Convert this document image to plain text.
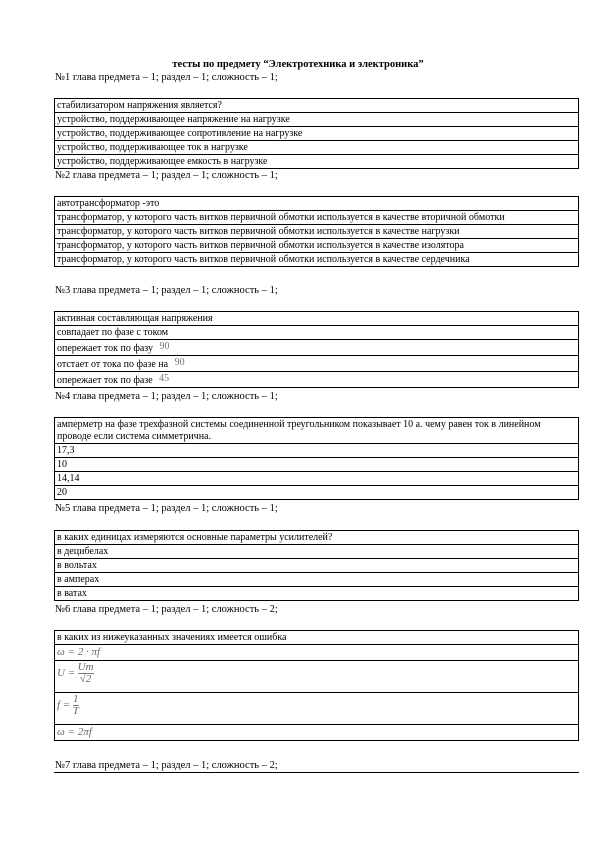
тесты по предмету “Электротехника и электроника”
№1 глава предмета – 1; раздел – 1; сложность – 1;
стабилизатором напряжения является?
устройство, поддерживающее напряжение на нагрузке
устройство, поддерживающее сопротивление на нагрузке
устройство, поддерживающее ток в нагрузке
устройство, поддерживающее емкость в нагрузке
№2 глава предмета – 1; раздел – 1; сложность – 1;
автотрансформатор -это
трансформатор, у которого часть витков первичной обмотки используется в качестве вторичной обмотки
трансформатор, у которого часть витков первичной обмотки используется в качестве нагрузки
трансформатор, у которого часть витков первичной обмотки используется в качестве изолятора
трансформатор, у которого часть витков первичной обмотки используется в качестве сердечника
№3 глава предмета – 1; раздел – 1; сложность – 1;
активная составляющая напряжения
совпадает по фазе с током
опережает ток по фазу 90
отстает от тока по фазе на 90
опережает ток по фазе 45
№4 глава предмета – 1; раздел – 1; сложность – 1;
амперметр на фазе трехфазной системы соединенной треугольником показывает 10 а. чему равен ток в линейном проводе если система симметрична.
17,3
10
14,14
20
№5 глава предмета – 1; раздел – 1; сложность – 1;
в каких единицах измеряются основные параметры усилителей?
в децибелах
в вольтах
в амперах
в ватах
№6 глава предмета – 1; раздел – 1; сложность – 2;
в каких из нижеуказанных значениях имеется ошибка
ω = 2 · πf
$U = \frac{Um}{√2}$

$f = \frac{1}{T}$

ω = 2πf
№7 глава предмета – 1; раздел – 1; сложность – 2;
